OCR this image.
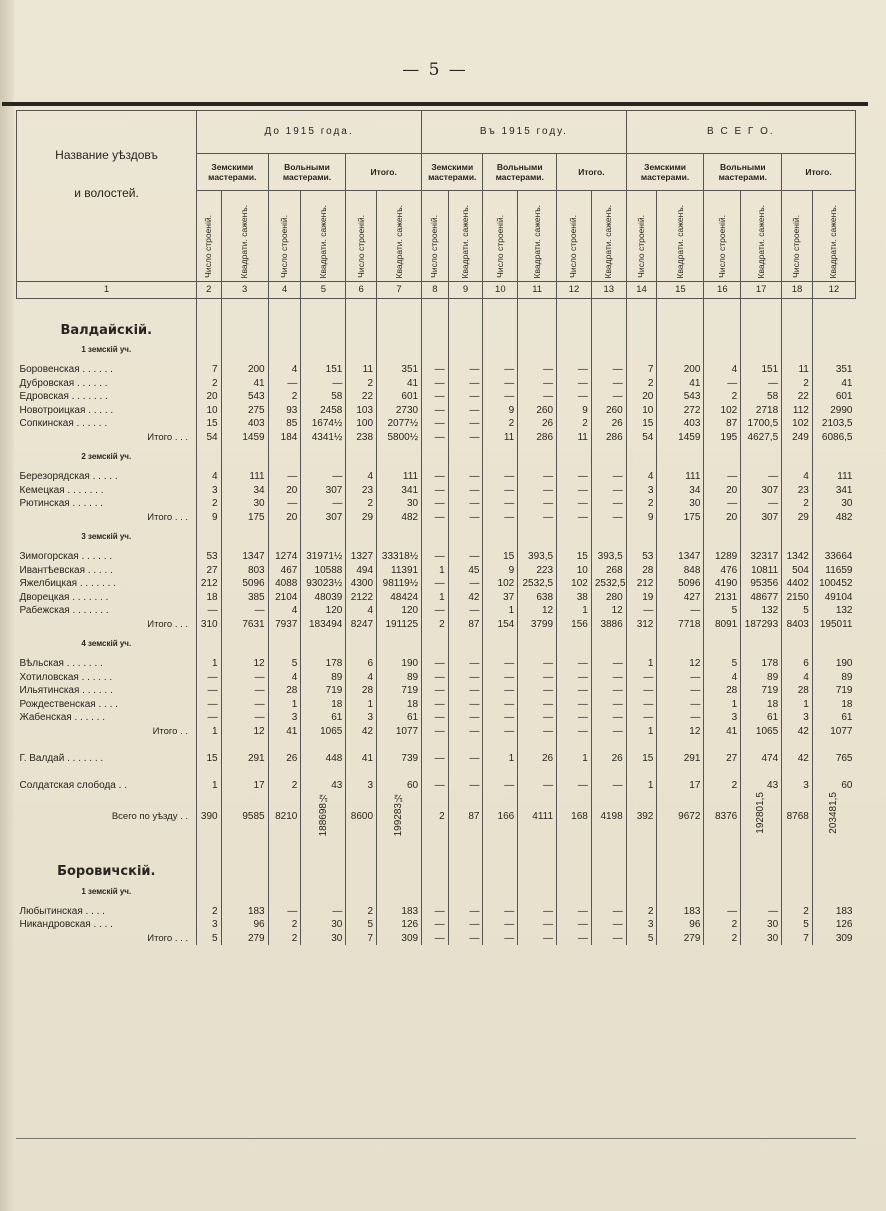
— 5 —
Название уѣздовъ
и волостей.	До 1915 года.						Въ 1915 году.						В С Е Г О.					
	Земскими мастерами.		Вольными мастерами.		Итого.		Земскими мастерами.		Вольными мастерами.		Итого.		Земскими мастерами.		Вольными мастерами.		Итого.	
	Число строеній.	Квадрати. саженъ.	Число строеній.	Квадрати. саженъ.	Число строеній.	Квадрати. саженъ.	Число строеній.	Квадрати. саженъ.	Число строеній.	Квадрати. саженъ.	Число строеній.	Квадрати. саженъ.	Число строеній.	Квадрати. саженъ.	Число строеній.	Квадрати. саженъ.	Число строеній.	Квадрати. саженъ.
1	2	3	4	5	6	7	8	9	10	11	12	13	14	15	16	17	18	12
Валдайскій.																		
1 земскій уч.																		
Боровенская . . . . . .	7	200	4	151	11	351	—	—	—	—	—	—	7	200	4	151	11	351
Дубровская . . . . . .	2	41	—	—	2	41	—	—	—	—	—	—	2	41	—	—	2	41
Едровская . . . . . . .	20	543	2	58	22	601	—	—	—	—	—	—	20	543	2	58	22	601
Новотроицкая . . . . .	10	275	93	2458	103	2730	—	—	9	260	9	260	10	272	102	2718	112	2990
Сопкинская . . . . . .	15	403	85	1674½	100	2077½	—	—	2	26	2	26	15	403	87	1700,5	102	2103,5
Итого . . .	54	1459	184	4341½	238	5800½	—	—	11	286	11	286	54	1459	195	4627,5	249	6086,5
2 земскій уч.																		
Березорядская . . . . .	4	111	—	—	4	111	—	—	—	—	—	—	4	111	—	—	4	111
Кемецкая . . . . . . .	3	34	20	307	23	341	—	—	—	—	—	—	3	34	20	307	23	341
Рютинская . . . . . .	2	30	—	—	2	30	—	—	—	—	—	—	2	30	—	—	2	30
Итого . . .	9	175	20	307	29	482	—	—	—	—	—	—	9	175	20	307	29	482
3 земскій уч.																		
Зимогорская . . . . . .	53	1347	1274	31971½	1327	33318½	—	—	15	393,5	15	393,5	53	1347	1289	32317	1342	33664
Ивантѣевская . . . . .	27	803	467	10588	494	11391	1	45	9	223	10	268	28	848	476	10811	504	11659
Яжелбицкая . . . . . . .	212	5096	4088	93023½	4300	98119½	—	—	102	2532,5	102	2532,5	212	5096	4190	95356	4402	100452
Дворецкая . . . . . . .	18	385	2104	48039	2122	48424	1	42	37	638	38	280	19	427	2131	48677	2150	49104
Рабежская . . . . . . .	—	—	4	120	4	120	—	—	1	12	1	12	—	—	5	132	5	132
Итого . . .	310	7631	7937	183494	8247	191125	2	87	154	3799	156	3886	312	7718	8091	187293	8403	195011
4 земскій уч.																		
Вѣльская . . . . . . .	1	12	5	178	6	190	—	—	—	—	—	—	1	12	5	178	6	190
Хотиловская . . . . . .	—	—	4	89	4	89	—	—	—	—	—	—	—	—	4	89	4	89
Ильятинская . . . . . .	—	—	28	719	28	719	—	—	—	—	—	—	—	—	28	719	28	719
Рождественская . . . .	—	—	1	18	1	18	—	—	—	—	—	—	—	—	1	18	1	18
Жабенская . . . . . .	—	—	3	61	3	61	—	—	—	—	—	—	—	—	3	61	3	61
Итого . .	1	12	41	1065	42	1077	—	—	—	—	—	—	1	12	41	1065	42	1077

Г. Валдай . . . . . . .	15	291	26	448	41	739	—	—	1	26	1	26	15	291	27	474	42	765

Солдатская слобода . .	1	17	2	43	3	60	—	—	—	—	—	—	1	17	2	43	3	60
Всего по уѣзду . .	390	9585	8210	188698½	8600	199283½	2	87	166	4111	168	4198	392	9672	8376	192801,5	8768	203481,5
Боровичскій.																		
1 земскій уч.																		
Любытинская . . . .	2	183	—	—	2	183	—	—	—	—	—	—	2	183	—	—	2	183
Никандровская . . . .	3	96	2	30	5	126	—	—	—	—	—	—	3	96	2	30	5	126
Итого . . .	5	279	2	30	7	309	—	—	—	—	—	—	5	279	2	30	7	309
